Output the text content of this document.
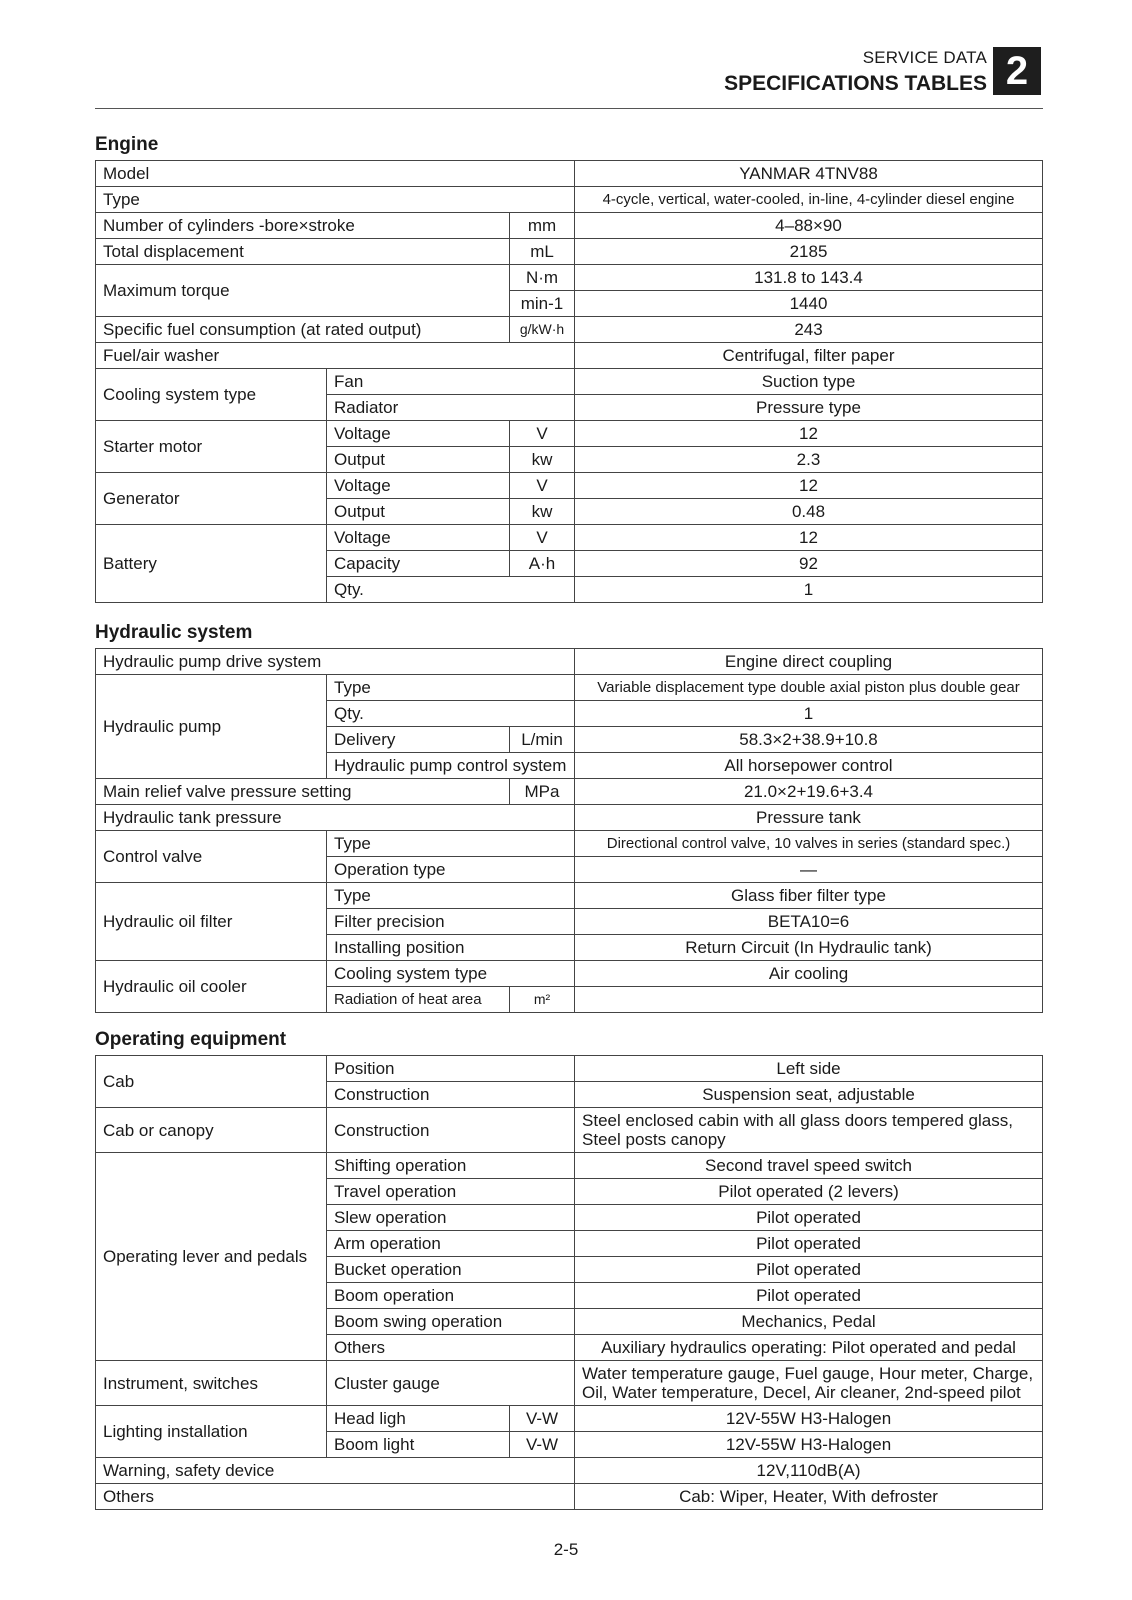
SERVICE DATA
SPECIFICATIONS TABLES 2
Engine
Model			YANMAR 4TNV88
Type			4-cycle, vertical, water-cooled, in-line, 4-cylinder diesel engine
Number of cylinders -bore×stroke		mm	4–88×90
Total displacement		mL	2185
Maximum torque		N·m	131.8 to 143.4
		min-1	1440
Specific fuel consumption (at rated output)		g/kW·h	243
Fuel/air washer			Centrifugal, filter paper
Cooling system type	Fan		Suction type
	Radiator		Pressure type
Starter motor	Voltage	V	12
	Output	kw	2.3
Generator	Voltage	V	12
	Output	kw	0.48
Battery	Voltage	V	12
	Capacity	A·h	92
	Qty.		1
Hydraulic system
Hydraulic pump drive system			Engine direct coupling
Hydraulic pump	Type		Variable displacement type double axial piston plus double gear
	Qty.		1
	Delivery	L/min	58.3×2+38.9+10.8
	Hydraulic pump control system		All horsepower control
Main relief valve pressure setting		MPa	21.0×2+19.6+3.4
Hydraulic tank pressure			Pressure tank
Control valve	Type		Directional control valve, 10 valves in series (standard spec.)
	Operation type		—
Hydraulic oil filter	Type		Glass fiber filter type
	Filter precision		BETA10=6
	Installing position		Return Circuit (In Hydraulic tank)
Hydraulic oil cooler	Cooling system type		Air cooling
	Radiation of heat area	m²	
Operating equipment
Cab	Position		Left side
	Construction		Suspension seat, adjustable
Cab or canopy	Construction		Steel enclosed cabin with all glass doors tempered glass,
Steel posts canopy
Operating lever and pedals	Shifting operation		Second travel speed switch
	Travel operation		Pilot operated (2 levers)
	Slew operation		Pilot operated
	Arm operation		Pilot operated
	Bucket operation		Pilot operated
	Boom operation		Pilot operated
	Boom swing operation		Mechanics, Pedal
	Others		Auxiliary hydraulics operating: Pilot operated and pedal
Instrument, switches	Cluster gauge		Water temperature gauge, Fuel gauge, Hour meter, Charge,
Oil, Water temperature, Decel, Air cleaner, 2nd-speed pilot
Lighting installation	Head ligh	V-W	12V-55W H3-Halogen
	Boom light	V-W	12V-55W H3-Halogen
Warning, safety device			12V,110dB(A)
Others			Cab: Wiper, Heater, With defroster
2-5
